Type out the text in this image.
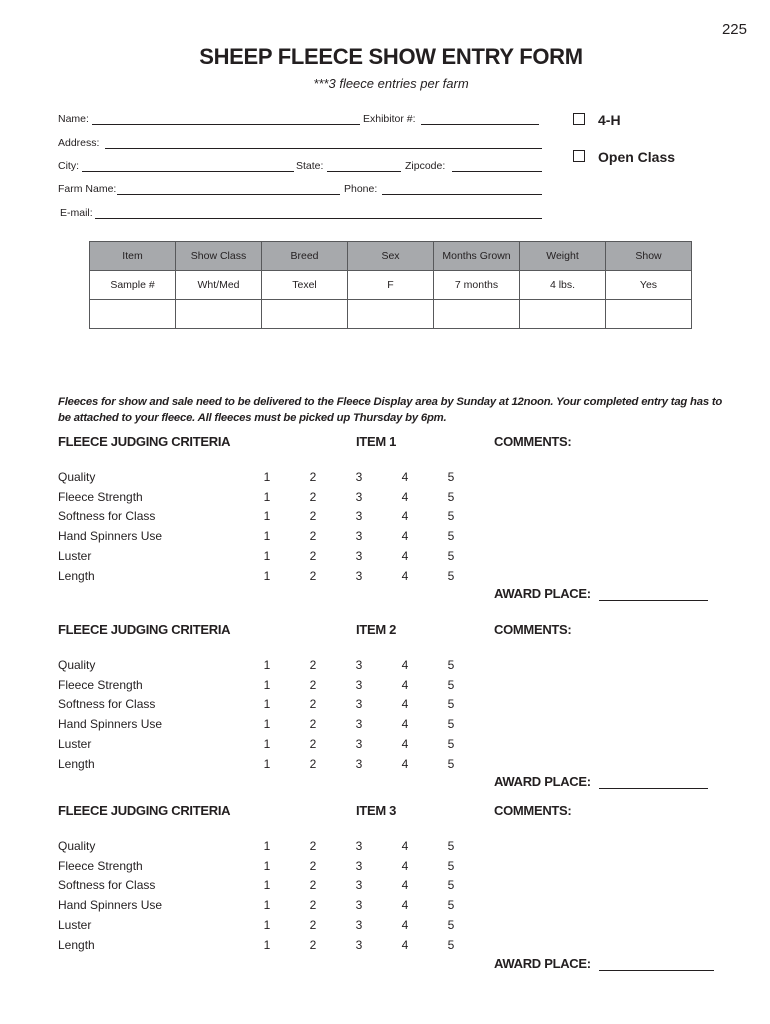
225
SHEEP FLEECE SHOW ENTRY FORM
***3 fleece entries per farm
Name:	Exhibitor #:
Address:
City:	State:	Zipcode:
Farm Name:	Phone:
E-mail:
4-H
Open Class
Item	Show Class	Breed	Sex	Months Grown	Weight	Show
Sample #	Wht/Med	Texel	F	7 months	4 lbs.	Yes

Fleeces for show and sale need to be delivered to the Fleece Display area by Sunday at 12noon. Your completed entry tag has to be attached to your fleece. All fleeces must be picked up Thursday by 6pm.
FLEECE JUDGING CRITERIA	ITEM 1	COMMENTS:
Quality	1	2	3	4	5
Fleece Strength	1	2	3	4	5
Softness for Class	1	2	3	4	5
Hand Spinners Use	1	2	3	4	5
Luster	1	2	3	4	5
Length	1	2	3	4	5
AWARD PLACE:
FLEECE JUDGING CRITERIA	ITEM 2	COMMENTS:
Quality	1	2	3	4	5
Fleece Strength	1	2	3	4	5
Softness for Class	1	2	3	4	5
Hand Spinners Use	1	2	3	4	5
Luster	1	2	3	4	5
Length	1	2	3	4	5
AWARD PLACE:
FLEECE JUDGING CRITERIA	ITEM 3	COMMENTS:
Quality	1	2	3	4	5
Fleece Strength	1	2	3	4	5
Softness for Class	1	2	3	4	5
Hand Spinners Use	1	2	3	4	5
Luster	1	2	3	4	5
Length	1	2	3	4	5
AWARD PLACE:
